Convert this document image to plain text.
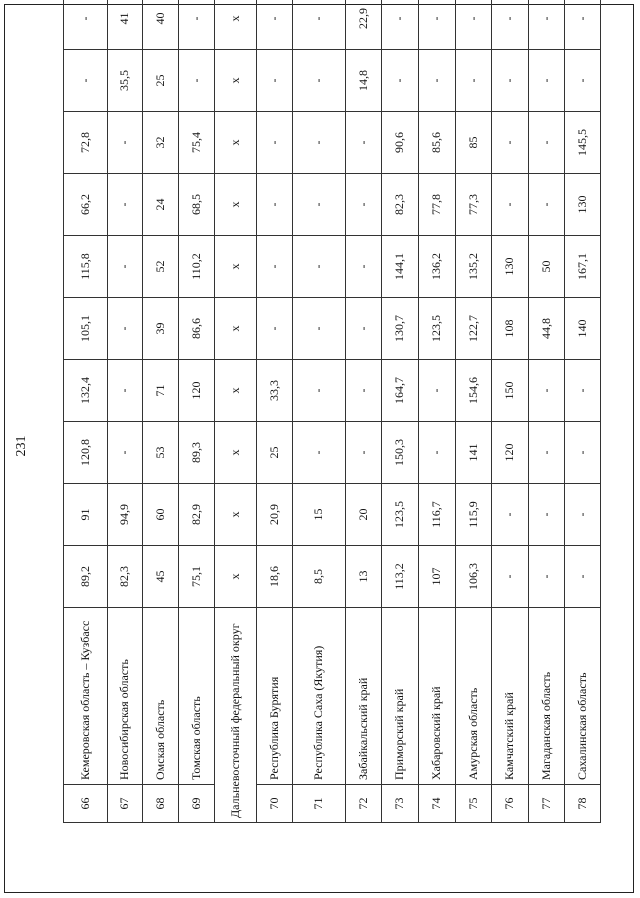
231
66	Кемеровская область – Кузбасс	89,2	91	120,8	132,4	105,1	115,8	66,2	72,8	-	-
67	Новосибирская область	82,3	94,9	-	-	-	-	-	-	35,5	41
68	Омская область	45	60	53	71	39	52	24	32	25	40
69	Томская область	75,1	82,9	89,3	120	86,6	110,2	68,5	75,4	-	-
Дальневосточный федеральный округ		x	x	x	x	x	x	x	x	x	x
70	Республика Бурятия	18,6	20,9	25	33,3	-	-	-	-	-	-
71	Республика Саха (Якутия)	8,5	15	-	-	-	-	-	-	-	-
72	Забайкальский край	13	20	-	-	-	-	-	-	14,8	22,9
73	Приморский край	113,2	123,5	150,3	164,7	130,7	144,1	82,3	90,6	-	-
74	Хабаровский край	107	116,7	-	-	123,5	136,2	77,8	85,6	-	-
75	Амурская область	106,3	115,9	141	154,6	122,7	135,2	77,3	85	-	-
76	Камчатский край	-	-	120	150	108	130	-	-	-	-
77	Магаданская область	-	-	-	-	44,8	50	-	-	-	-
78	Сахалинская область	-	-	-	-	140	167,1	130	145,5	-	-
